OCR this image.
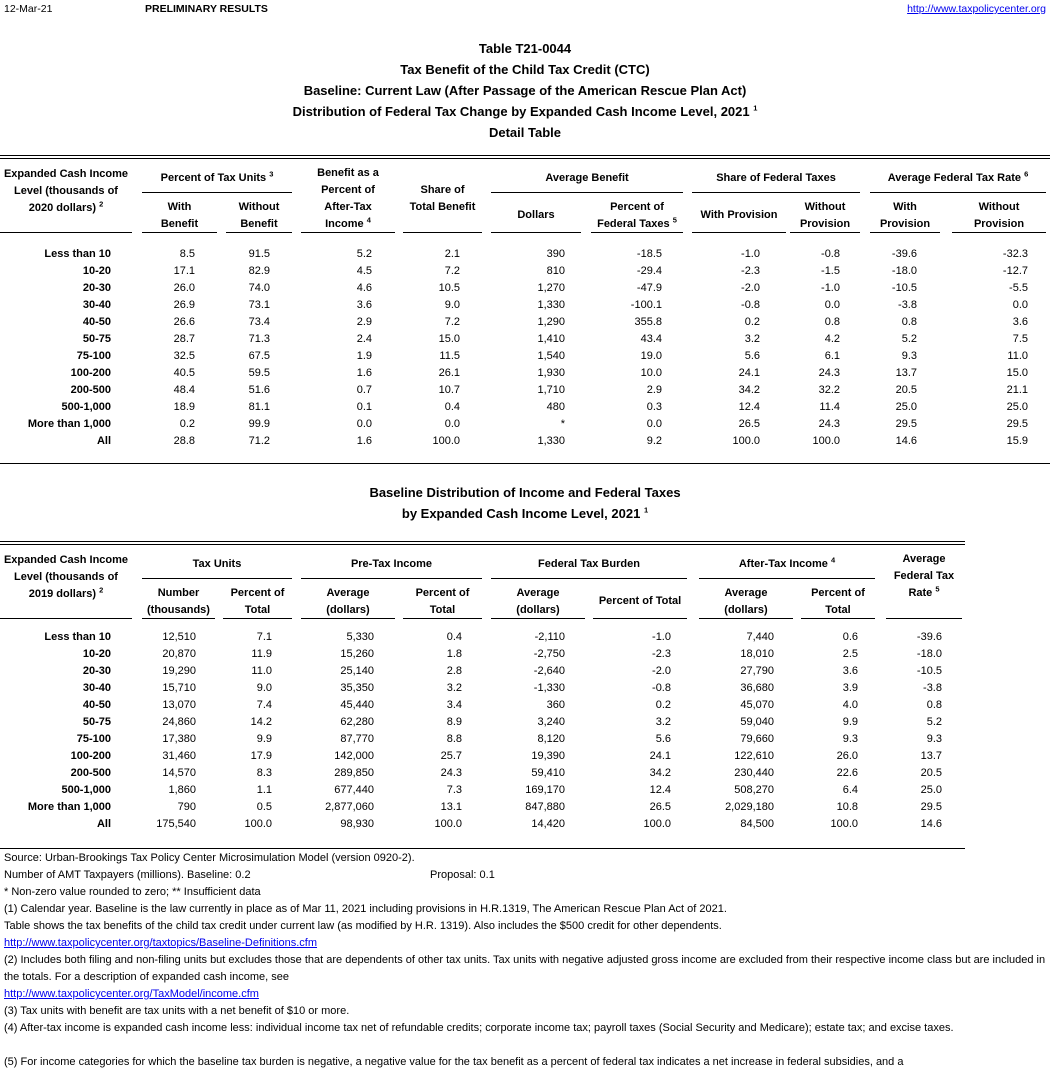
12-Mar-21	PRELIMINARY RESULTS	http://www.taxpolicycenter.org
Table T21-0044
Tax Benefit of the Child Tax Credit (CTC)
Baseline: Current Law (After Passage of the American Rescue Plan Act)
Distribution of Federal Tax Change by Expanded Cash Income Level, 2021 $^1$
Detail Table
Expanded Cash Income
Level (thousands of
2020 dollars) $^2$
Percent of Tax Units $^3$
With
Benefit
Without
Benefit
Benefit as a
Percent of
After-Tax
Income $^4$
Share of
Total Benefit
Average Benefit
Dollars
Percent of
Federal Taxes $^5$
Share of Federal Taxes
With Provision
Without
Provision
Average Federal Tax Rate $^6$
With
Provision
Without
Provision
Less than 10	8.5	91.5	5.2	2.1	390	-18.5	-1.0	-0.8	-39.6	-32.3
10-20	17.1	82.9	4.5	7.2	810	-29.4	-2.3	-1.5	-18.0	-12.7
20-30	26.0	74.0	4.6	10.5	1,270	-47.9	-2.0	-1.0	-10.5	-5.5
30-40	26.9	73.1	3.6	9.0	1,330	-100.1	-0.8	0.0	-3.8	0.0
40-50	26.6	73.4	2.9	7.2	1,290	355.8	0.2	0.8	0.8	3.6
50-75	28.7	71.3	2.4	15.0	1,410	43.4	3.2	4.2	5.2	7.5
75-100	32.5	67.5	1.9	11.5	1,540	19.0	5.6	6.1	9.3	11.0
100-200	40.5	59.5	1.6	26.1	1,930	10.0	24.1	24.3	13.7	15.0
200-500	48.4	51.6	0.7	10.7	1,710	2.9	34.2	32.2	20.5	21.1
500-1,000	18.9	81.1	0.1	0.4	480	0.3	12.4	11.4	25.0	25.0
More than 1,000	0.2	99.9	0.0	0.0	*	0.0	26.5	24.3	29.5	29.5
All	28.8	71.2	1.6	100.0	1,330	9.2	100.0	100.0	14.6	15.9
Baseline Distribution of Income and Federal Taxes
by Expanded Cash Income Level, 2021 $^1$
Expanded Cash Income
Level (thousands of
2019 dollars) $^2$
Tax Units
Number
(thousands)
Percent of
Total
Pre-Tax Income
Average
(dollars)
Percent of
Total
Federal Tax Burden
Average
(dollars)
Percent of Total
After-Tax Income $^4$
Average
(dollars)
Percent of
Total
Average
Federal Tax
Rate $^5$
Less than 10	12,510	7.1	5,330	0.4	-2,110	-1.0	7,440	0.6	-39.6
10-20	20,870	11.9	15,260	1.8	-2,750	-2.3	18,010	2.5	-18.0
20-30	19,290	11.0	25,140	2.8	-2,640	-2.0	27,790	3.6	-10.5
30-40	15,710	9.0	35,350	3.2	-1,330	-0.8	36,680	3.9	-3.8
40-50	13,070	7.4	45,440	3.4	360	0.2	45,070	4.0	0.8
50-75	24,860	14.2	62,280	8.9	3,240	3.2	59,040	9.9	5.2
75-100	17,380	9.9	87,770	8.8	8,120	5.6	79,660	9.3	9.3
100-200	31,460	17.9	142,000	25.7	19,390	24.1	122,610	26.0	13.7
200-500	14,570	8.3	289,850	24.3	59,410	34.2	230,440	22.6	20.5
500-1,000	1,860	1.1	677,440	7.3	169,170	12.4	508,270	6.4	25.0
More than 1,000	790	0.5	2,877,060	13.1	847,880	26.5	2,029,180	10.8	29.5
All	175,540	100.0	98,930	100.0	14,420	100.0	84,500	100.0	14.6
Source: Urban-Brookings Tax Policy Center Microsimulation Model (version 0920-2).
Number of AMT Taxpayers (millions). Baseline: 0.2	Proposal: 0.1
* Non-zero value rounded to zero; ** Insufficient data
(1) Calendar year. Baseline is the law currently in place as of Mar 11, 2021 including provisions in H.R.1319, The American Rescue Plan Act of 2021.
Table shows the tax benefits of the child tax credit under current law (as modified by H.R. 1319). Also includes the $500 credit for other dependents.
http://www.taxpolicycenter.org/taxtopics/Baseline-Definitions.cfm
(2) Includes both filing and non-filing units but excludes those that are dependents of other tax units. Tax units with negative adjusted gross income are excluded from their respective income class but are included in the totals. For a description of expanded cash income, see
http://www.taxpolicycenter.org/TaxModel/income.cfm
(3) Tax units with benefit are tax units with a net benefit of $10 or more.
(4) After-tax income is expanded cash income less: individual income tax net of refundable credits; corporate income tax; payroll taxes (Social Security and Medicare); estate tax; and excise taxes.
(5) For income categories for which the baseline tax burden is negative, a negative value for the tax benefit as a percent of federal tax indicates a net increase in federal subsidies, and a
